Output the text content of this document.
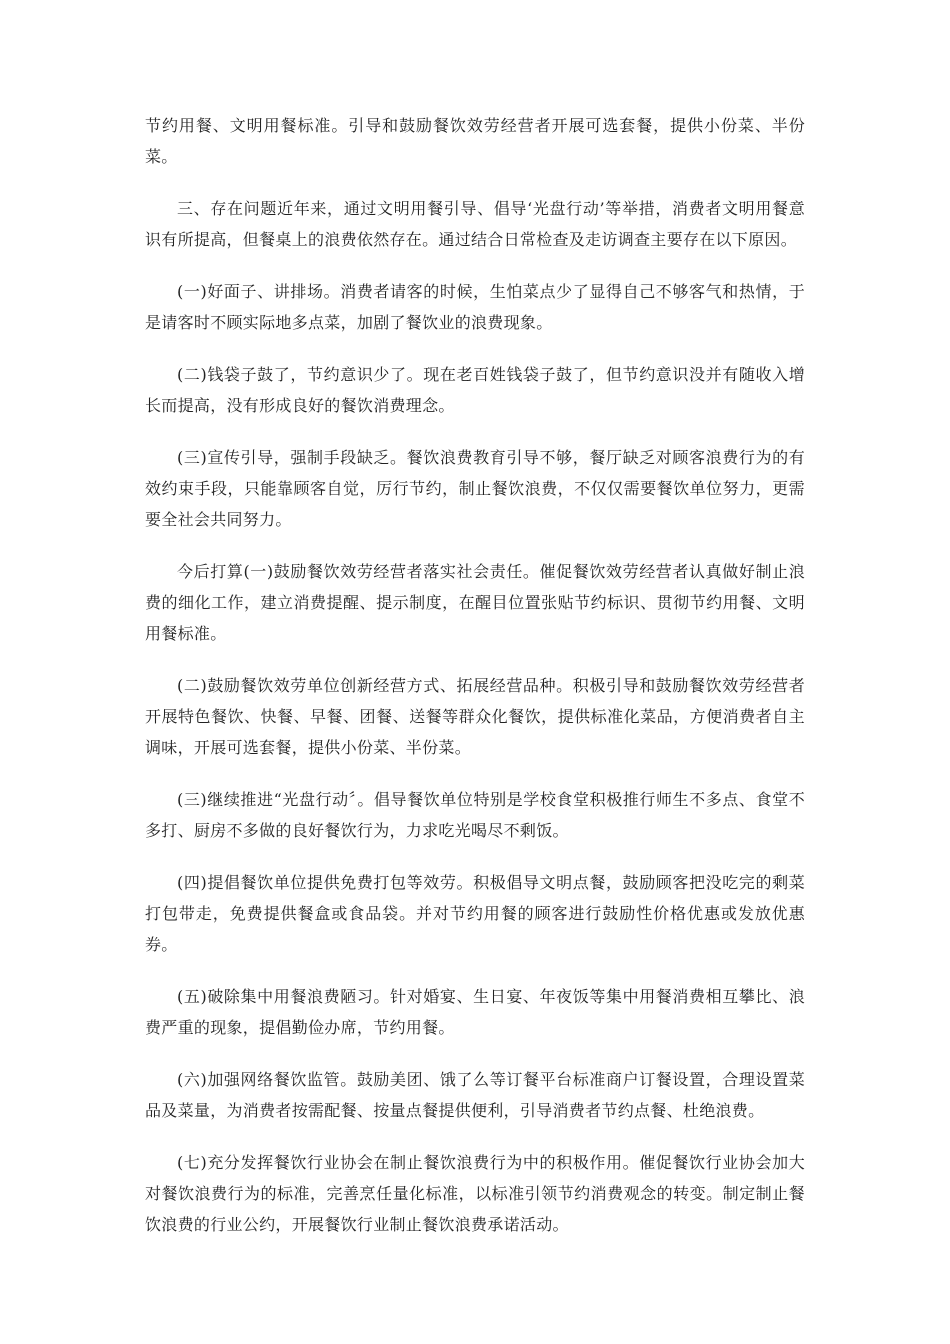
节约用餐、文明用餐标准。引导和鼓励餐饮效劳经营者开展可选套餐，提供小份菜、半份菜。

三、存在问题近年来，通过文明用餐引导、倡导‘光盘行动’等举措，消费者文明用餐意识有所提高，但餐桌上的浪费依然存在。通过结合日常检查及走访调查主要存在以下原因。

(一)好面子、讲排场。消费者请客的时候，生怕菜点少了显得自己不够客气和热情，于是请客时不顾实际地多点菜，加剧了餐饮业的浪费现象。

(二)钱袋子鼓了，节约意识少了。现在老百姓钱袋子鼓了，但节约意识没并有随收入增长而提高，没有形成良好的餐饮消费理念。

(三)宣传引导，强制手段缺乏。餐饮浪费教育引导不够，餐厅缺乏对顾客浪费行为的有效约束手段，只能靠顾客自觉，厉行节约，制止餐饮浪费，不仅仅需要餐饮单位努力，更需要全社会共同努力。

今后打算(一)鼓励餐饮效劳经营者落实社会责任。催促餐饮效劳经营者认真做好制止浪费的细化工作，建立消费提醒、提示制度，在醒目位置张贴节约标识、贯彻节约用餐、文明用餐标准。

(二)鼓励餐饮效劳单位创新经营方式、拓展经营品种。积极引导和鼓励餐饮效劳经营者开展特色餐饮、快餐、早餐、团餐、送餐等群众化餐饮，提供标准化菜品，方便消费者自主调味，开展可选套餐，提供小份菜、半份菜。

(三)继续推进“光盘行动〞。倡导餐饮单位特别是学校食堂积极推行师生不多点、食堂不多打、厨房不多做的良好餐饮行为，力求吃光喝尽不剩饭。

(四)提倡餐饮单位提供免费打包等效劳。积极倡导文明点餐，鼓励顾客把没吃完的剩菜打包带走，免费提供餐盒或食品袋。并对节约用餐的顾客进行鼓励性价格优惠或发放优惠券。

(五)破除集中用餐浪费陋习。针对婚宴、生日宴、年夜饭等集中用餐消费相互攀比、浪费严重的现象，提倡勤俭办席，节约用餐。

(六)加强网络餐饮监管。鼓励美团、饿了么等订餐平台标准商户订餐设置，合理设置菜品及菜量，为消费者按需配餐、按量点餐提供便利，引导消费者节约点餐、杜绝浪费。

(七)充分发挥餐饮行业协会在制止餐饮浪费行为中的积极作用。催促餐饮行业协会加大对餐饮浪费行为的标准，完善烹任量化标准，以标准引领节约消费观念的转变。制定制止餐饮浪费的行业公约，开展餐饮行业制止餐饮浪费承诺活动。
